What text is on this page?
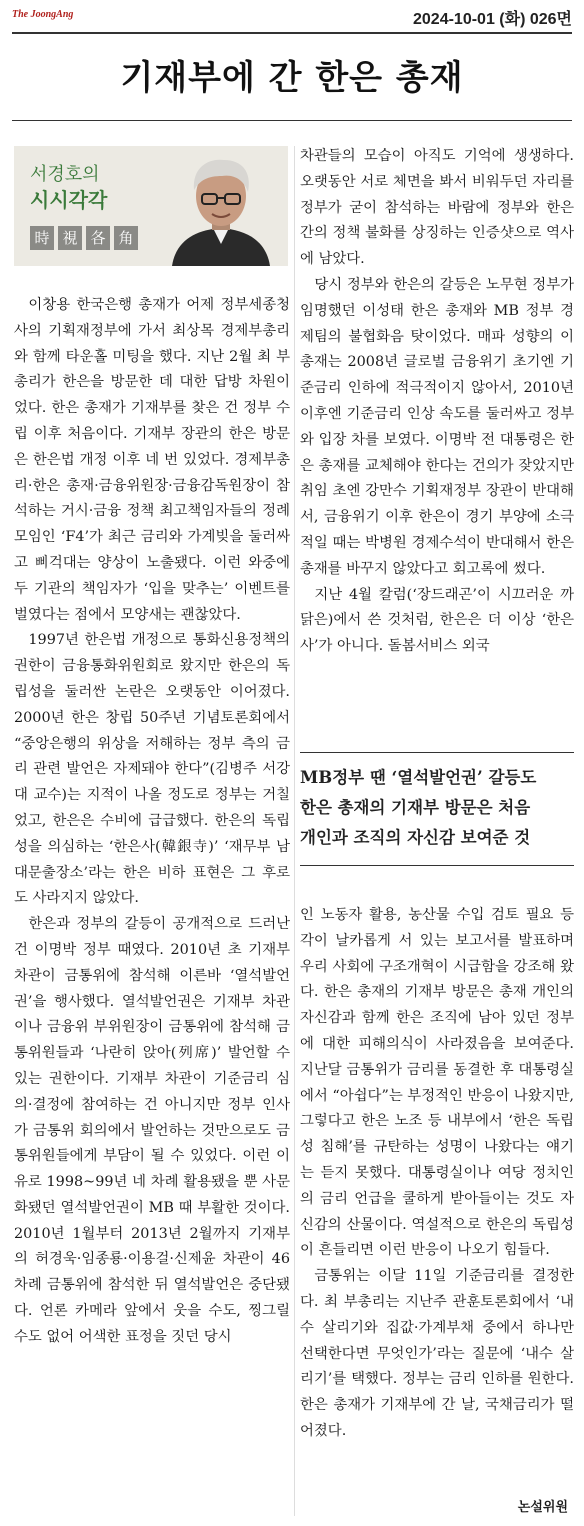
The JoongAng	2024-10-01 (화) 026면
기재부에 간 한은 총재
서경호의
시시각각
時 視 各 角

이창용 한국은행 총재가 어제 정부세종청사의 기획재정부에 가서 최상목 경제부총리와 함께 타운홀 미팅을 했다. 지난 2월 최 부총리가 한은을 방문한 데 대한 답방 차원이었다. 한은 총재가 기재부를 찾은 건 정부 수립 이후 처음이다. 기재부 장관의 한은 방문은 한은법 개정 이후 네 번 있었다. 경제부총리·한은 총재·금융위원장·금융감독원장이 참석하는 거시·금융 정책 최고책임자들의 정례 모임인 ‘F4’가 최근 금리와 가계빚을 둘러싸고 삐걱대는 양상이 노출됐다. 이런 와중에 두 기관의 책임자가 ‘입을 맞추는’ 이벤트를 벌였다는 점에서 모양새는 괜찮았다.

1997년 한은법 개정으로 통화신용정책의 권한이 금융통화위원회로 왔지만 한은의 독립성을 둘러싼 논란은 오랫동안 이어졌다. 2000년 한은 창립 50주년 기념토론회에서 “중앙은행의 위상을 저해하는 정부 측의 금리 관련 발언은 자제돼야 한다”(김병주 서강대 교수)는 지적이 나올 정도로 정부는 거칠었고, 한은은 수비에 급급했다. 한은의 독립성을 의심하는 ‘한은사(韓銀寺)’ ‘재무부 남대문출장소’라는 한은 비하 표현은 그 후로도 사라지지 않았다.

한은과 정부의 갈등이 공개적으로 드러난 건 이명박 정부 때였다. 2010년 초 기재부 차관이 금통위에 참석해 이른바 ‘열석발언권’을 행사했다. 열석발언권은 기재부 차관이나 금융위 부위원장이 금통위에 참석해 금통위원들과 ‘나란히 앉아(列席)’ 발언할 수 있는 권한이다. 기재부 차관이 기준금리 심의·결정에 참여하는 건 아니지만 정부 인사가 금통위 회의에서 발언하는 것만으로도 금통위원들에게 부담이 될 수 있었다. 이런 이유로 1998~99년 네 차례 활용됐을 뿐 사문화됐던 열석발언권이 MB 때 부활한 것이다. 2010년 1월부터 2013년 2월까지 기재부의 허경욱·임종룡·이용걸·신제윤 차관이 46차례 금통위에 참석한 뒤 열석발언은 중단됐다. 언론 카메라 앞에서 웃을 수도, 찡그릴 수도 없어 어색한 표정을 짓던 당시

차관들의 모습이 아직도 기억에 생생하다. 오랫동안 서로 체면을 봐서 비워두던 자리를 정부가 굳이 참석하는 바람에 정부와 한은 간의 정책 불화를 상징하는 인증샷으로 역사에 남았다.

당시 정부와 한은의 갈등은 노무현 정부가 임명했던 이성태 한은 총재와 MB 정부 경제팀의 불협화음 탓이었다. 매파 성향의 이 총재는 2008년 글로벌 금융위기 초기엔 기준금리 인하에 적극적이지 않아서, 2010년 이후엔 기준금리 인상 속도를 둘러싸고 정부와 입장 차를 보였다. 이명박 전 대통령은 한은 총재를 교체해야 한다는 건의가 잦았지만 취임 초엔 강만수 기획재정부 장관이 반대해서, 금융위기 이후 한은이 경기 부양에 소극적일 때는 박병원 경제수석이 반대해서 한은 총재를 바꾸지 않았다고 회고록에 썼다.

지난 4월 칼럼(‘장드래곤’이 시끄러운 까닭은)에서 쓴 것처럼, 한은은 더 이상 ‘한은사’가 아니다. 돌봄서비스 외국

MB정부 땐 ‘열석발언권’ 갈등도
한은 총재의 기재부 방문은 처음
개인과 조직의 자신감 보여준 것

인 노동자 활용, 농산물 수입 검토 필요 등 각이 날카롭게 서 있는 보고서를 발표하며 우리 사회에 구조개혁이 시급함을 강조해 왔다. 한은 총재의 기재부 방문은 총재 개인의 자신감과 함께 한은 조직에 남아 있던 정부에 대한 피해의식이 사라졌음을 보여준다. 지난달 금통위가 금리를 동결한 후 대통령실에서 “아쉽다”는 부정적인 반응이 나왔지만, 그렇다고 한은 노조 등 내부에서 ‘한은 독립성 침해’를 규탄하는 성명이 나왔다는 얘기는 듣지 못했다. 대통령실이나 여당 정치인의 금리 언급을 쿨하게 받아들이는 것도 자신감의 산물이다. 역설적으로 한은의 독립성이 흔들리면 이런 반응이 나오기 힘들다.

금통위는 이달 11일 기준금리를 결정한다. 최 부총리는 지난주 관훈토론회에서 ‘내수 살리기와 집값·가계부채 중에서 하나만 선택한다면 무엇인가’라는 질문에 ‘내수 살리기’를 택했다. 정부는 금리 인하를 원한다. 한은 총재가 기재부에 간 날, 국채금리가 떨어졌다.

논설위원
